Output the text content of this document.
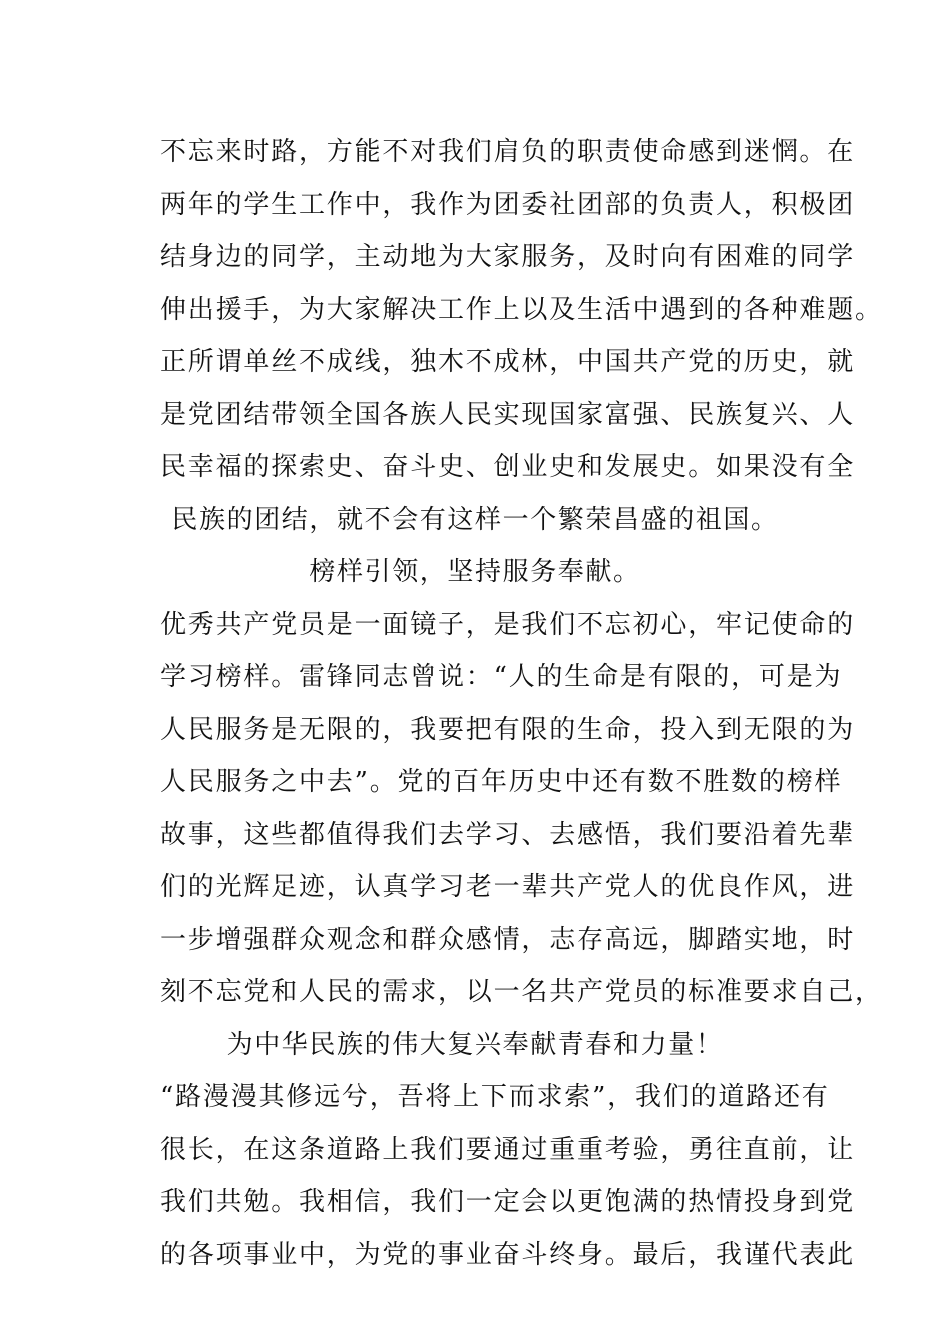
不忘来时路，方能不对我们肩负的职责使命感到迷惘。在
两年的学生工作中，我作为团委社团部的负责人，积极团
结身边的同学，主动地为大家服务，及时向有困难的同学
伸出援手，为大家解决工作上以及生活中遇到的各种难题。
正所谓单丝不成线，独木不成林，中国共产党的历史，就
是党团结带领全国各族人民实现国家富强、民族复兴、人
民幸福的探索史、奋斗史、创业史和发展史。如果没有全
民族的团结，就不会有这样一个繁荣昌盛的祖国。
榜样引领，坚持服务奉献。
优秀共产党员是一面镜子，是我们不忘初心，牢记使命的
学习榜样。雷锋同志曾说：“人的生命是有限的，可是为
人民服务是无限的，我要把有限的生命，投入到无限的为
人民服务之中去”。党的百年历史中还有数不胜数的榜样
故事，这些都值得我们去学习、去感悟，我们要沿着先辈
们的光辉足迹，认真学习老一辈共产党人的优良作风，进
一步增强群众观念和群众感情，志存高远，脚踏实地，时
刻不忘党和人民的需求，以一名共产党员的标准要求自己，
为中华民族的伟大复兴奉献青春和力量！
“路漫漫其修远兮，吾将上下而求索”，我们的道路还有
很长，在这条道路上我们要通过重重考验，勇往直前，让
我们共勉。我相信，我们一定会以更饱满的热情投身到党
的各项事业中，为党的事业奋斗终身。最后，我谨代表此
